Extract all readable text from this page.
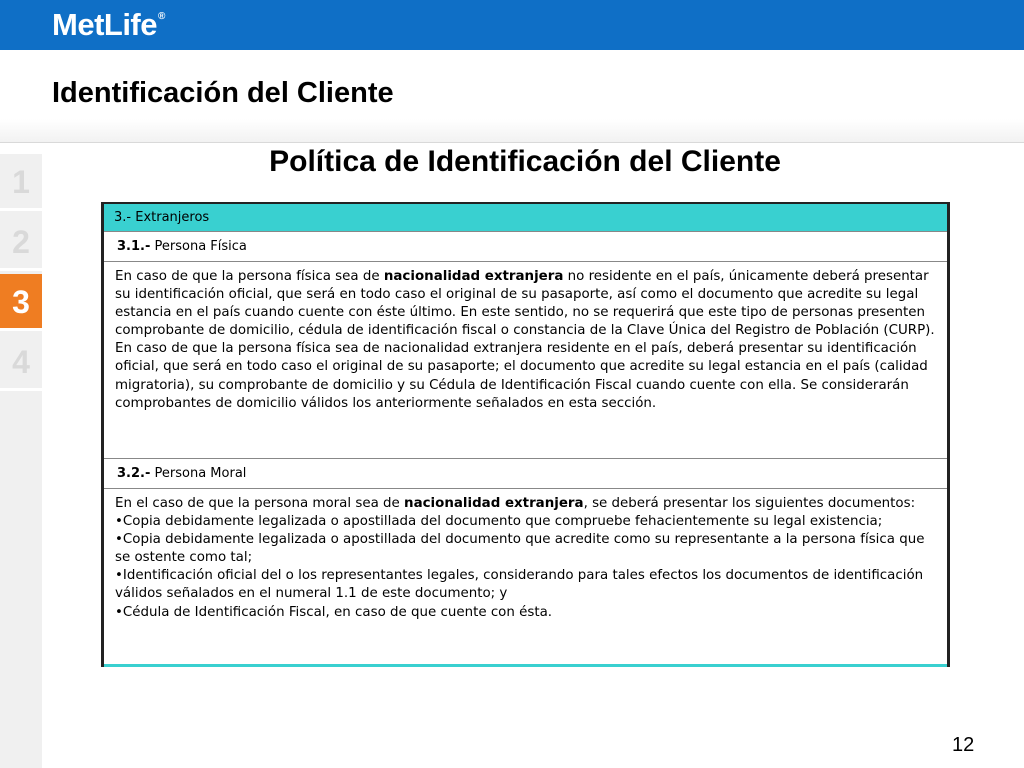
MetLife®
Identificación del Cliente
1
2
3
4
Política de Identificación del Cliente
3.- Extranjeros
3.1.- Persona Física

En caso de que la persona física sea de nacionalidad extranjera no residente en el país, únicamente deberá presentar su identificación oficial, que será en todo caso el original de su pasaporte, así como el documento que acredite su legal estancia en el país cuando cuente con éste último. En este sentido, no se requerirá que este tipo de personas presenten comprobante de domicilio, cédula de identificación fiscal o constancia de la Clave Única del Registro de Población (CURP).

En caso de que la persona física sea de nacionalidad extranjera residente en el país, deberá presentar su identificación oficial, que será en todo caso el original de su pasaporte; el documento que acredite su legal estancia en el país (calidad migratoria), su comprobante de domicilio y su Cédula de Identificación Fiscal cuando cuente con ella. Se considerarán comprobantes de domicilio válidos los anteriormente señalados en esta sección.

3.2.- Persona Moral

En el caso de que la persona moral sea de nacionalidad extranjera, se deberá presentar los siguientes documentos:

•Copia debidamente legalizada o apostillada del documento que compruebe fehacientemente su legal existencia;

•Copia debidamente legalizada o apostillada del documento que acredite como su representante a la persona física que se ostente como tal;

•Identificación oficial del o los representantes legales, considerando para tales efectos los documentos de identificación válidos señalados en el numeral 1.1 de este documento; y

•Cédula de Identificación Fiscal, en caso de que cuente con ésta.

12
